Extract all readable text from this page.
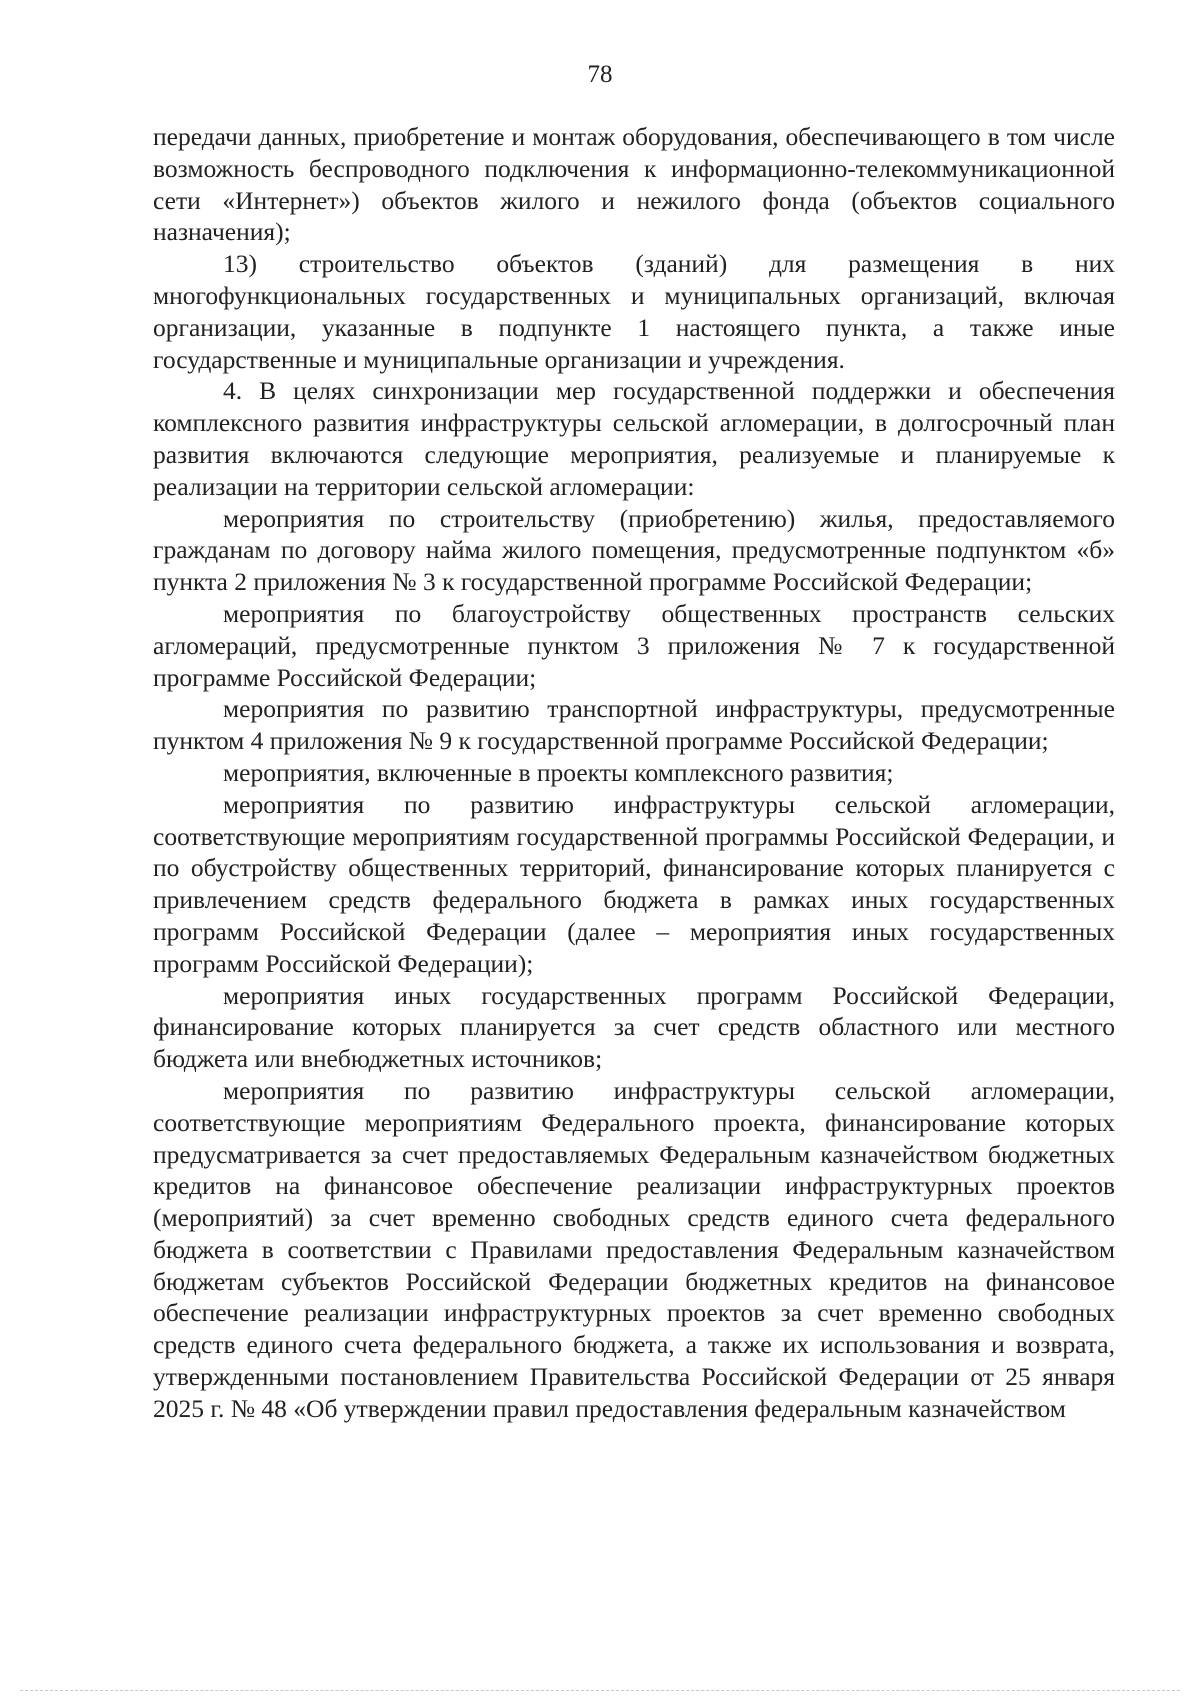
78

передачи данных, приобретение и монтаж оборудования, обеспечивающего в том числе возможность беспроводного подключения к информационно-телекоммуникационной сети «Интернет») объектов жилого и нежилого фонда (объектов социального назначения);

13) строительство объектов (зданий) для размещения в них многофункциональных государственных и муниципальных организаций, включая организации, указанные в подпункте 1 настоящего пункта, а также иные государственные и муниципальные организации и учреждения.

4. В целях синхронизации мер государственной поддержки и обеспечения комплексного развития инфраструктуры сельской агломерации, в долгосрочный план развития включаются следующие мероприятия, реализуемые и планируемые к реализации на территории сельской агломерации:

мероприятия по строительству (приобретению) жилья, предоставляемого гражданам по договору найма жилого помещения, предусмотренные подпунктом «б» пункта 2 приложения № 3 к государственной программе Российской Федерации;

мероприятия по благоустройству общественных пространств сельских агломераций, предусмотренные пунктом 3 приложения № 7 к государственной программе Российской Федерации;

мероприятия по развитию транспортной инфраструктуры, предусмотренные пунктом 4 приложения № 9 к государственной программе Российской Федерации;

мероприятия, включенные в проекты комплексного развития;

мероприятия по развитию инфраструктуры сельской агломерации, соответствующие мероприятиям государственной программы Российской Федерации, и по обустройству общественных территорий, финансирование которых планируется с привлечением средств федерального бюджета в рамках иных государственных программ Российской Федерации (далее – мероприятия иных государственных программ Российской Федерации);

мероприятия иных государственных программ Российской Федерации, финансирование которых планируется за счет средств областного или местного бюджета или внебюджетных источников;

мероприятия по развитию инфраструктуры сельской агломерации, соответствующие мероприятиям Федерального проекта, финансирование которых предусматривается за счет предоставляемых Федеральным казначейством бюджетных кредитов на финансовое обеспечение реализации инфраструктурных проектов (мероприятий) за счет временно свободных средств единого счета федерального бюджета в соответствии с Правилами предоставления Федеральным казначейством бюджетам субъектов Российской Федерации бюджетных кредитов на финансовое обеспечение реализации инфраструктурных проектов за счет временно свободных средств единого счета федерального бюджета, а также их использования и возврата, утвержденными постановлением Правительства Российской Федерации от 25 января 2025 г. № 48 «Об утверждении правил предоставления федеральным казначейством
